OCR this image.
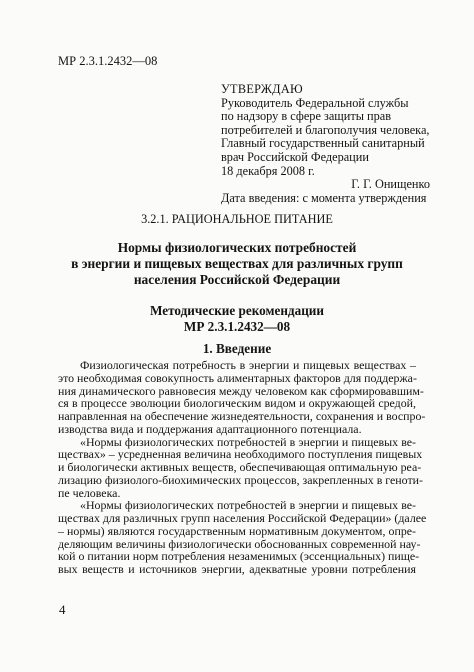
МР 2.3.1.2432—08
УТВЕРЖДАЮ
Руководитель Федеральной службы
по надзору в сфере защиты прав
потребителей и благополучия человека,
Главный государственный санитарный
врач Российской Федерации
18 декабря 2008 г.
Г. Г. Онищенко
Дата введения: с момента утверждения
3.2.1. РАЦИОНАЛЬНОЕ ПИТАНИЕ
Нормы физиологических потребностей
в энергии и пищевых веществах для различных групп
населения Российской Федерации
Методические рекомендации
МР 2.3.1.2432—08
1. Введение
Физиологическая потребность в энергии и пищевых веществах –
это необходимая совокупность алиментарных факторов для поддержа-
ния динамического равновесия между человеком как сформировавшим-
ся в процессе эволюции биологическим видом и окружающей средой,
направленная на обеспечение жизнедеятельности, сохранения и воспро-
изводства вида и поддержания адаптационного потенциала.
«Нормы физиологических потребностей в энергии и пищевых ве-
ществах» – усредненная величина необходимого поступления пищевых
и биологически активных веществ, обеспечивающая оптимальную реа-
лизацию физиолого-биохимических процессов, закрепленных в геноти-
пе человека.
«Нормы физиологических потребностей в энергии и пищевых ве-
ществах для различных групп населения Российской Федерации» (далее
– нормы) являются государственным нормативным документом, опре-
деляющим величины физиологически обоснованных современной нау-
кой о питании норм потребления незаменимых (эссенциальных) пище-
вых веществ и источников энергии, адекватные уровни потребления
4
